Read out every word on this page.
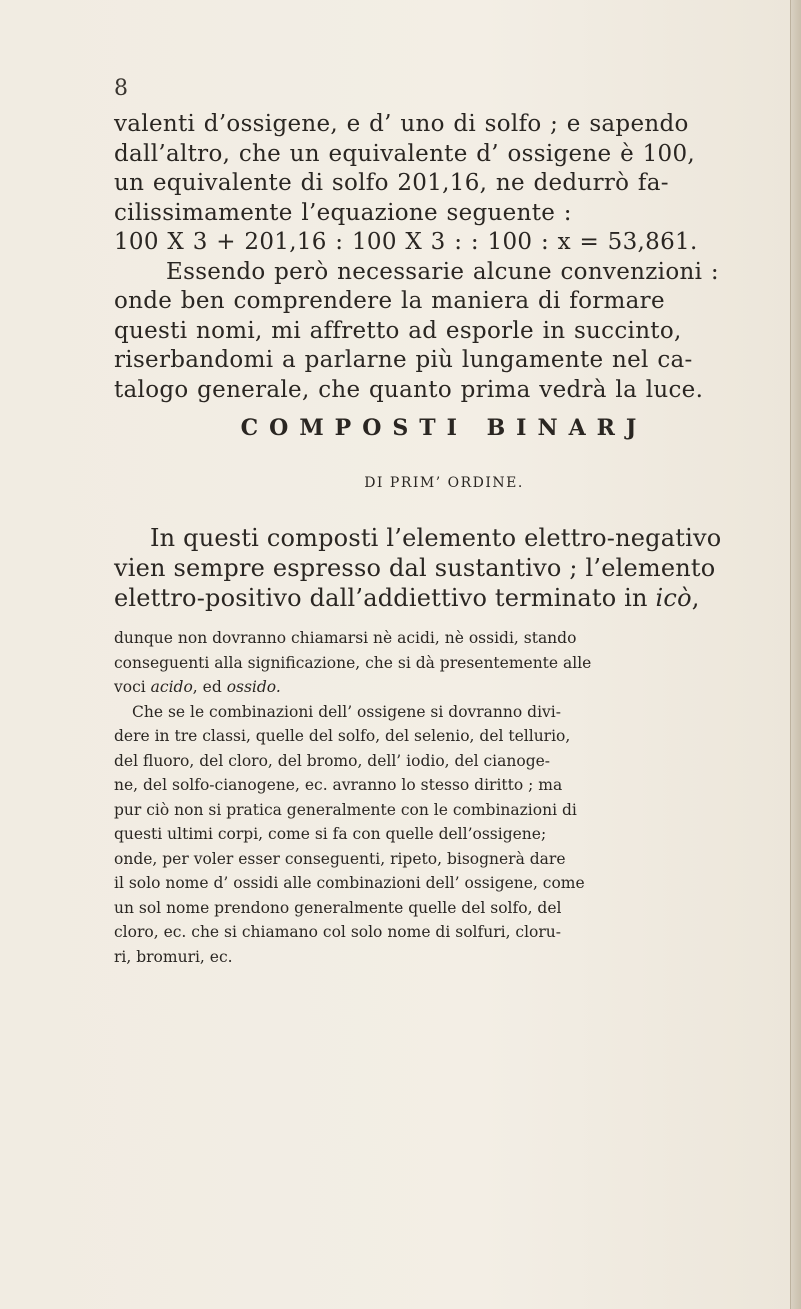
8

valenti d’ossigene, e d’ uno di solfo ; e sapendo
dall’altro, che un equivalente d’ ossigene è 100,
un equivalente di solfo 201,16, ne dedurrò fa-
cilissimamente l’equazione seguente :
100 X 3 + 201,16 : 100 X 3 : : 100 : x = 53,861.
Essendo però necessarie alcune convenzioni :
onde ben comprendere la maniera di formare
questi nomi, mi affretto ad esporle in succinto,
riserbandomi a parlarne più lungamente nel ca-
talogo generale, che quanto prima vedrà la luce.

COMPOSTI BINARJ
DI PRIM’ ORDINE.

In questi composti l’elemento elettro-negativo
vien sempre espresso dal sustantivo ; l’elemento
elettro-positivo dall’addiettivo terminato in icò,

dunque non dovranno chiamarsi nè acidi, nè ossidi, stando
conseguenti alla significazione, che si dà presentemente alle
voci acido, ed ossido.
Che se le combinazioni dell’ ossigene si dovranno divi-
dere in tre classi, quelle del solfo, del selenio, del tellurio,
del fluoro, del cloro, del bromo, dell’ iodio, del cianoge-
ne, del solfo-cianogene, ec. avranno lo stesso diritto ; ma
pur ciò non si pratica generalmente con le combinazioni di
questi ultimi corpi, come si fa con quelle dell’ossigene;
onde, per voler esser conseguenti, ripeto, bisognerà dare
il solo nome d’ ossidi alle combinazioni dell’ ossigene, come
un sol nome prendono generalmente quelle del solfo, del
cloro, ec. che si chiamano col solo nome di solfuri, cloru-
ri, bromuri, ec.
